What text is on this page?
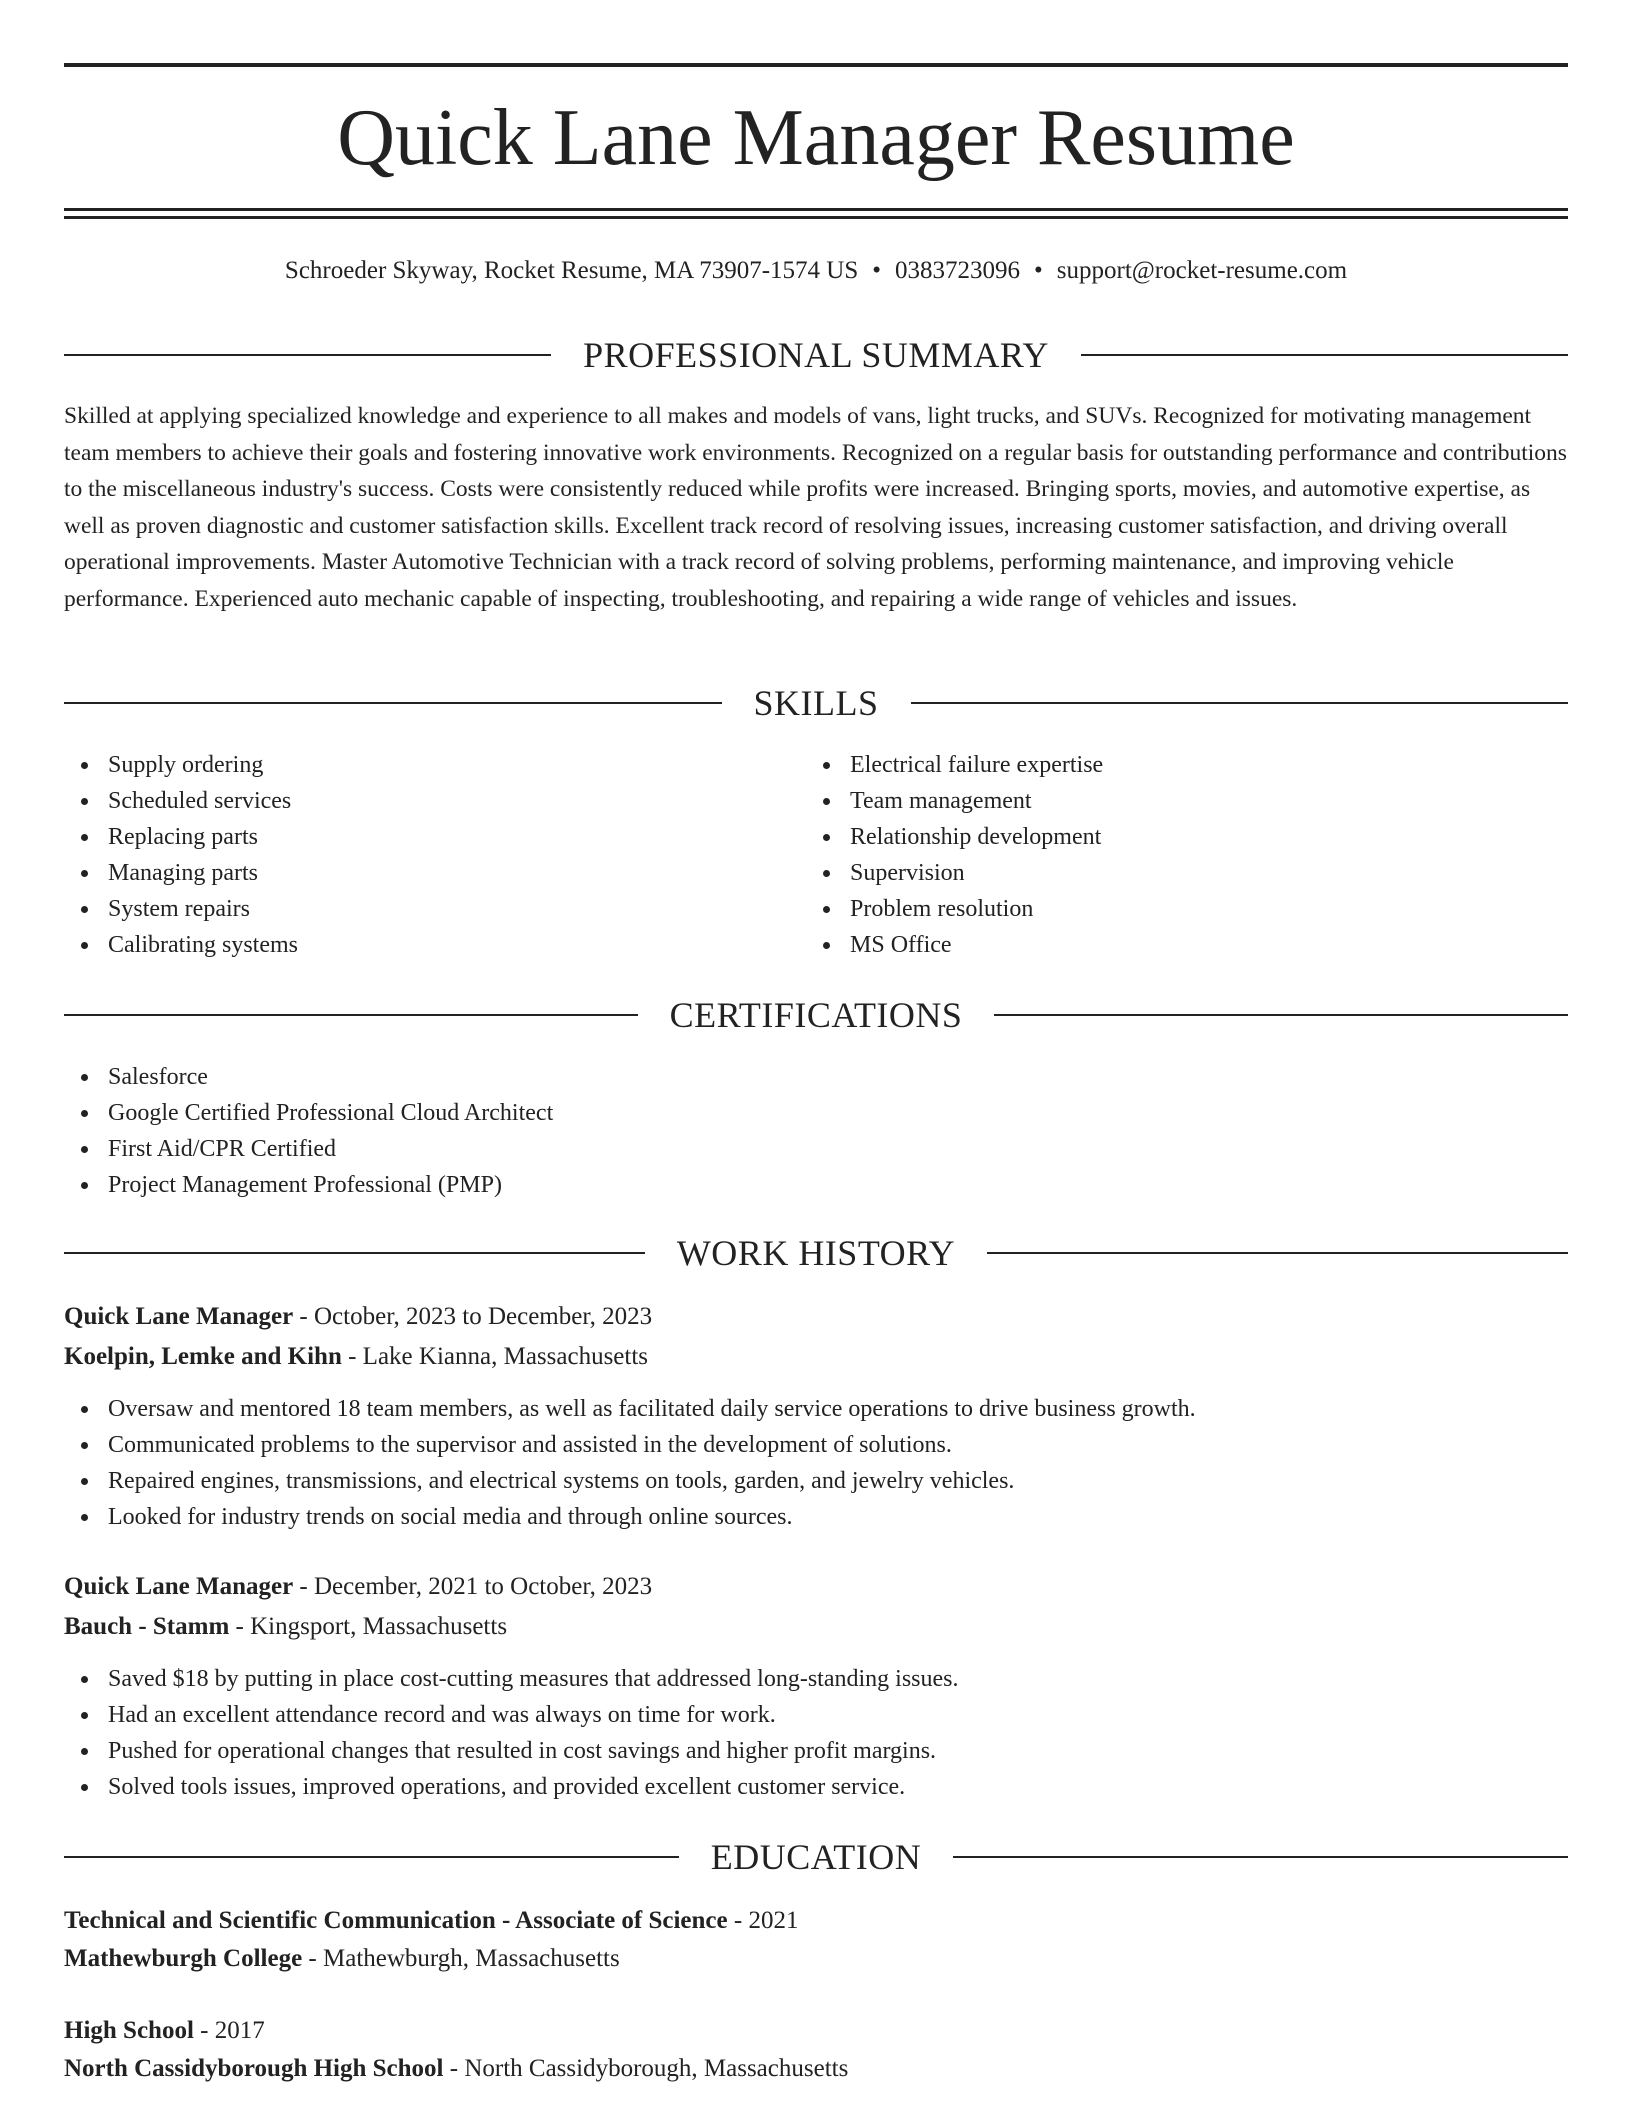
Quick Lane Manager Resume
Schroeder Skyway, Rocket Resume, MA 73907-1574 US • 0383723096 • support@rocket-resume.com
PROFESSIONAL SUMMARY
Skilled at applying specialized knowledge and experience to all makes and models of vans, light trucks, and SUVs. Recognized for motivating management team members to achieve their goals and fostering innovative work environments. Recognized on a regular basis for outstanding performance and contributions to the miscellaneous industry's success. Costs were consistently reduced while profits were increased. Bringing sports, movies, and automotive expertise, as well as proven diagnostic and customer satisfaction skills. Excellent track record of resolving issues, increasing customer satisfaction, and driving overall operational improvements. Master Automotive Technician with a track record of solving problems, performing maintenance, and improving vehicle performance. Experienced auto mechanic capable of inspecting, troubleshooting, and repairing a wide range of vehicles and issues.
SKILLS
Supply ordering
Scheduled services
Replacing parts
Managing parts
System repairs
Calibrating systems
Electrical failure expertise
Team management
Relationship development
Supervision
Problem resolution
MS Office
CERTIFICATIONS
Salesforce
Google Certified Professional Cloud Architect
First Aid/CPR Certified
Project Management Professional (PMP)
WORK HISTORY
Quick Lane Manager - October, 2023 to December, 2023
Koelpin, Lemke and Kihn - Lake Kianna, Massachusetts
Oversaw and mentored 18 team members, as well as facilitated daily service operations to drive business growth.
Communicated problems to the supervisor and assisted in the development of solutions.
Repaired engines, transmissions, and electrical systems on tools, garden, and jewelry vehicles.
Looked for industry trends on social media and through online sources.
Quick Lane Manager - December, 2021 to October, 2023
Bauch - Stamm - Kingsport, Massachusetts
Saved $18 by putting in place cost-cutting measures that addressed long-standing issues.
Had an excellent attendance record and was always on time for work.
Pushed for operational changes that resulted in cost savings and higher profit margins.
Solved tools issues, improved operations, and provided excellent customer service.
EDUCATION
Technical and Scientific Communication - Associate of Science - 2021
Mathewburgh College - Mathewburgh, Massachusetts
High School - 2017
North Cassidyborough High School - North Cassidyborough, Massachusetts
